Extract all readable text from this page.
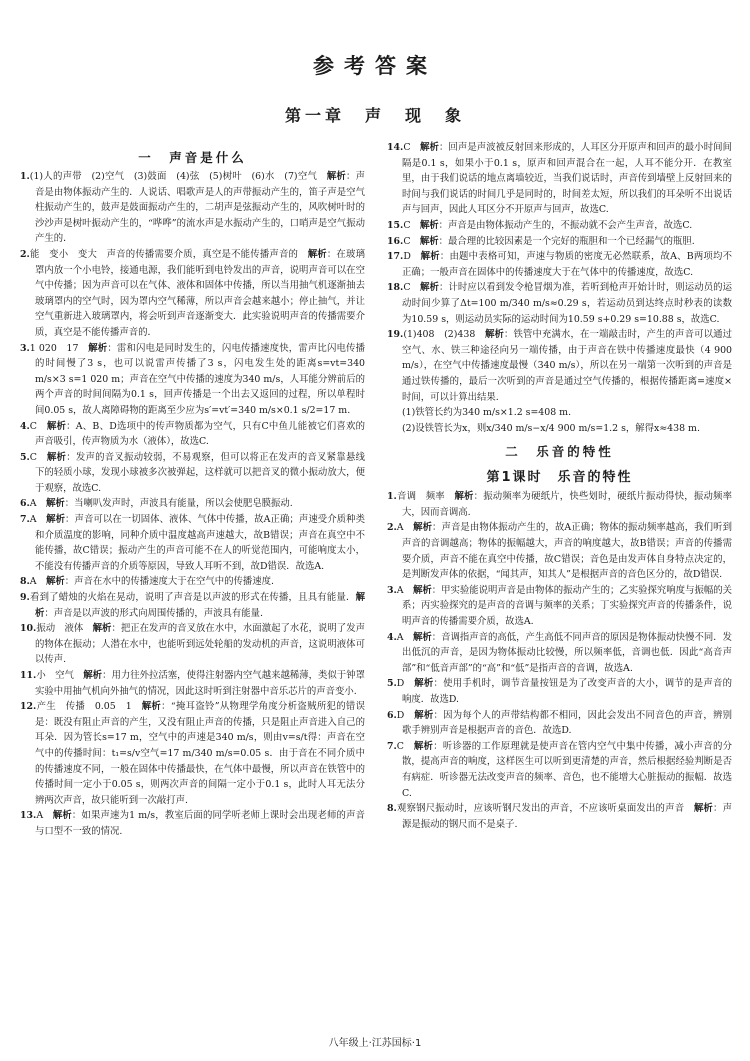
参考答案
第一章　声　现　象
一　声音是什么
1.(1)人的声带　(2)空气　(3)鼓面　(4)弦　(5)树叶　(6)水　(7)空气　解析：声音是由物体振动产生的．人说话、唱歌声是人的声带振动产生的，笛子声是空气柱振动产生的，鼓声是鼓面振动产生的，二胡声是弦振动产生的，风吹树叶时的沙沙声是树叶振动产生的，“哗哗”的流水声是水振动产生的，口哨声是空气振动产生的．
2.能　变小　变大　声音的传播需要介质，真空是不能传播声音的　解析：在玻璃罩内放一个小电铃，接通电源，我们能听到电铃发出的声音，说明声音可以在空气中传播；因为声音可以在气体、液体和固体中传播，所以当用抽气机逐渐抽去玻璃罩内的空气时，因为罩内空气稀薄，所以声音会越来越小；停止抽气，并让空气重新进入玻璃罩内，将会听到声音逐渐变大．此实验说明声音的传播需要介质，真空是不能传播声音的．
3.1 020　17　解析：雷和闪电是同时发生的，闪电传播速度快，雷声比闪电传播的时间慢了3 s，也可以说雷声传播了3 s，闪电发生处的距离s=vt=340 m/s×3 s=1 020 m；声音在空气中传播的速度为340 m/s，人耳能分辨前后的两个声音的时间间隔为0.1 s，回声传播是一个出去又返回的过程，所以单程时间0.05 s，故人离障碍物的距离至少应为s′=vt′=340 m/s×0.1 s/2=17 m.
4.C　解析：A、B、D选项中的传声物质都为空气，只有C中鱼儿能被它们喜欢的声音吸引，传声物质为水（液体），故选C.
5.C　解析：发声的音叉振动较弱，不易观察，但可以将正在发声的音叉紧靠悬线下的轻质小球，发现小球被多次被弹起，这样就可以把音叉的微小振动放大，便于观察，故选C.
6.A　解析：当喇叭发声时，声波具有能量，所以会使肥皂膜振动.
7.A　解析：声音可以在一切固体、液体、气体中传播，故A正确；声速受介质种类和介质温度的影响，同种介质中温度越高声速越大，故B错误；声音在真空中不能传播，故C错误；振动产生的声音可能不在人的听觉范围内，可能响度太小，不能没有传播声音的介质等原因，导致人耳听不到，故D错误．故选A.
8.A　解析：声音在水中的传播速度大于在空气中的传播速度.
9.看到了蜡烛的火焰在晃动，说明了声音是以声波的形式在传播，且具有能量．解析：声音是以声波的形式向周围传播的，声波具有能量.
10.振动　液体　解析：把正在发声的音叉放在水中，水面激起了水花，说明了发声的物体在振动；人潜在水中，也能听到远处轮船的发动机的声音，这说明液体可以传声.
11.小　空气　解析：用力往外拉活塞，使得注射器内空气越来越稀薄，类似于钟罩实验中用抽气机向外抽气的情况，因此这时听到注射器中音乐芯片的声音变小.
12.产生　传播　0.05　1　解析：“掩耳盗铃”从物理学角度分析盗贼所犯的错误是：既没有阻止声音的产生，又没有阻止声音的传播，只是阻止声音进入自己的耳朵．因为管长s=17 m，空气中的声速是340 m/s，则由v=s/t得：声音在空气中的传播时间：t₁=s/v空气=17 m/340 m/s=0.05 s．由于音在不同介质中的传播速度不同，一般在固体中传播最快，在气体中最慢，所以声音在铁管中的传播时间一定小于0.05 s，则两次声音的间隔一定小于0.1 s，此时人耳无法分辨两次声音，故只能听到一次敲打声.
13.A　解析：如果声速为1 m/s，教室后面的同学听老师上课时会出现老师的声音与口型不一致的情况.
14.C　解析：回声是声波被反射回来形成的，人耳区分开原声和回声的最小时间间隔是0.1 s，如果小于0.1 s，原声和回声混合在一起，人耳不能分开．在教室里，由于我们说话的地点离墙较近，当我们说话时，声音传到墙壁上反射回来的时间与我们说话的时间几乎是同时的，时间差太短，所以我们的耳朵听不出说话声与回声，因此人耳区分不开原声与回声，故选C.
15.C　解析：声音是由物体振动产生的，不振动就不会产生声音，故选C.
16.C　解析：最合理的比较因素是一个完好的瓶胆和一个已经漏气的瓶胆.
17.D　解析：由题中表格可知，声速与物质的密度无必然联系，故A、B两项均不正确；一般声音在固体中的传播速度大于在气体中的传播速度，故选C.
18.C　解析：计时应以看到发令枪冒烟为准，若听到枪声开始计时，则运动员的运动时间少算了Δt=100 m/340 m/s≈0.29 s，若运动员到达终点时秒表的读数为10.59 s，则运动员实际的运动时间为10.59 s+0.29 s=10.88 s，故选C.
19.(1)408　(2)438　解析：铁管中充满水，在一端敲击时，产生的声音可以通过空气、水、铁三种途径向另一端传播，由于声音在铁中传播速度最快（4 900 m/s），在空气中传播速度最慢（340 m/s），所以在另一端第一次听到的声音是通过铁传播的，最后一次听到的声音是通过空气传播的，根据传播距离=速度×时间，可以计算出结果.
(1)铁管长约为340 m/s×1.2 s=408 m.
(2)设铁管长为x，则x/340 m/s−x/4 900 m/s=1.2 s，解得x≈438 m.
二　乐音的特性
第1课时　乐音的特性
1.音调　频率　解析：振动频率为硬纸片，快些划时，硬纸片振动得快，振动频率大，因而音调高.
2.A　解析：声音是由物体振动产生的，故A正确；物体的振动频率越高，我们听到声音的音调越高；物体的振幅越大，声音的响度越大，故B错误；声音的传播需要介质，声音不能在真空中传播，故C错误；音色是由发声体自身特点决定的，是判断发声体的依据，“闻其声，知其人”是根据声音的音色区分的，故D错误.
3.A　解析：甲实验能说明声音是由物体的振动产生的；乙实验探究响度与振幅的关系；丙实验探究的是声音的音调与频率的关系；丁实验探究声音的传播条件，说明声音的传播需要介质，故选A.
4.A　解析：音调指声音的高低，产生高低不同声音的原因是物体振动快慢不同．发出低沉的声音，是因为物体振动比较慢，所以频率低，音调也低．因此“高音声部”和“低音声部”的“高”和“低”是指声音的音调，故选A.
5.D　解析：使用手机时，调节音量按钮是为了改变声音的大小，调节的是声音的响度．故选D.
6.D　解析：因为每个人的声带结构都不相同，因此会发出不同音色的声音，辨别歌手辨别声音是根据声音的音色．故选D.
7.C　解析：听诊器的工作原理就是使声音在管内空气中集中传播，减小声音的分散，提高声音的响度，这样医生可以听到更清楚的声音，然后根据经验判断是否有病症．听诊器无法改变声音的频率、音色，也不能增大心脏振动的振幅．故选C.
8.观察钢尺振动时，应该听钢尺发出的声音，不应该听桌面发出的声音　解析：声源是振动的钢尺而不是桌子.
八年级上·江苏国标·1
